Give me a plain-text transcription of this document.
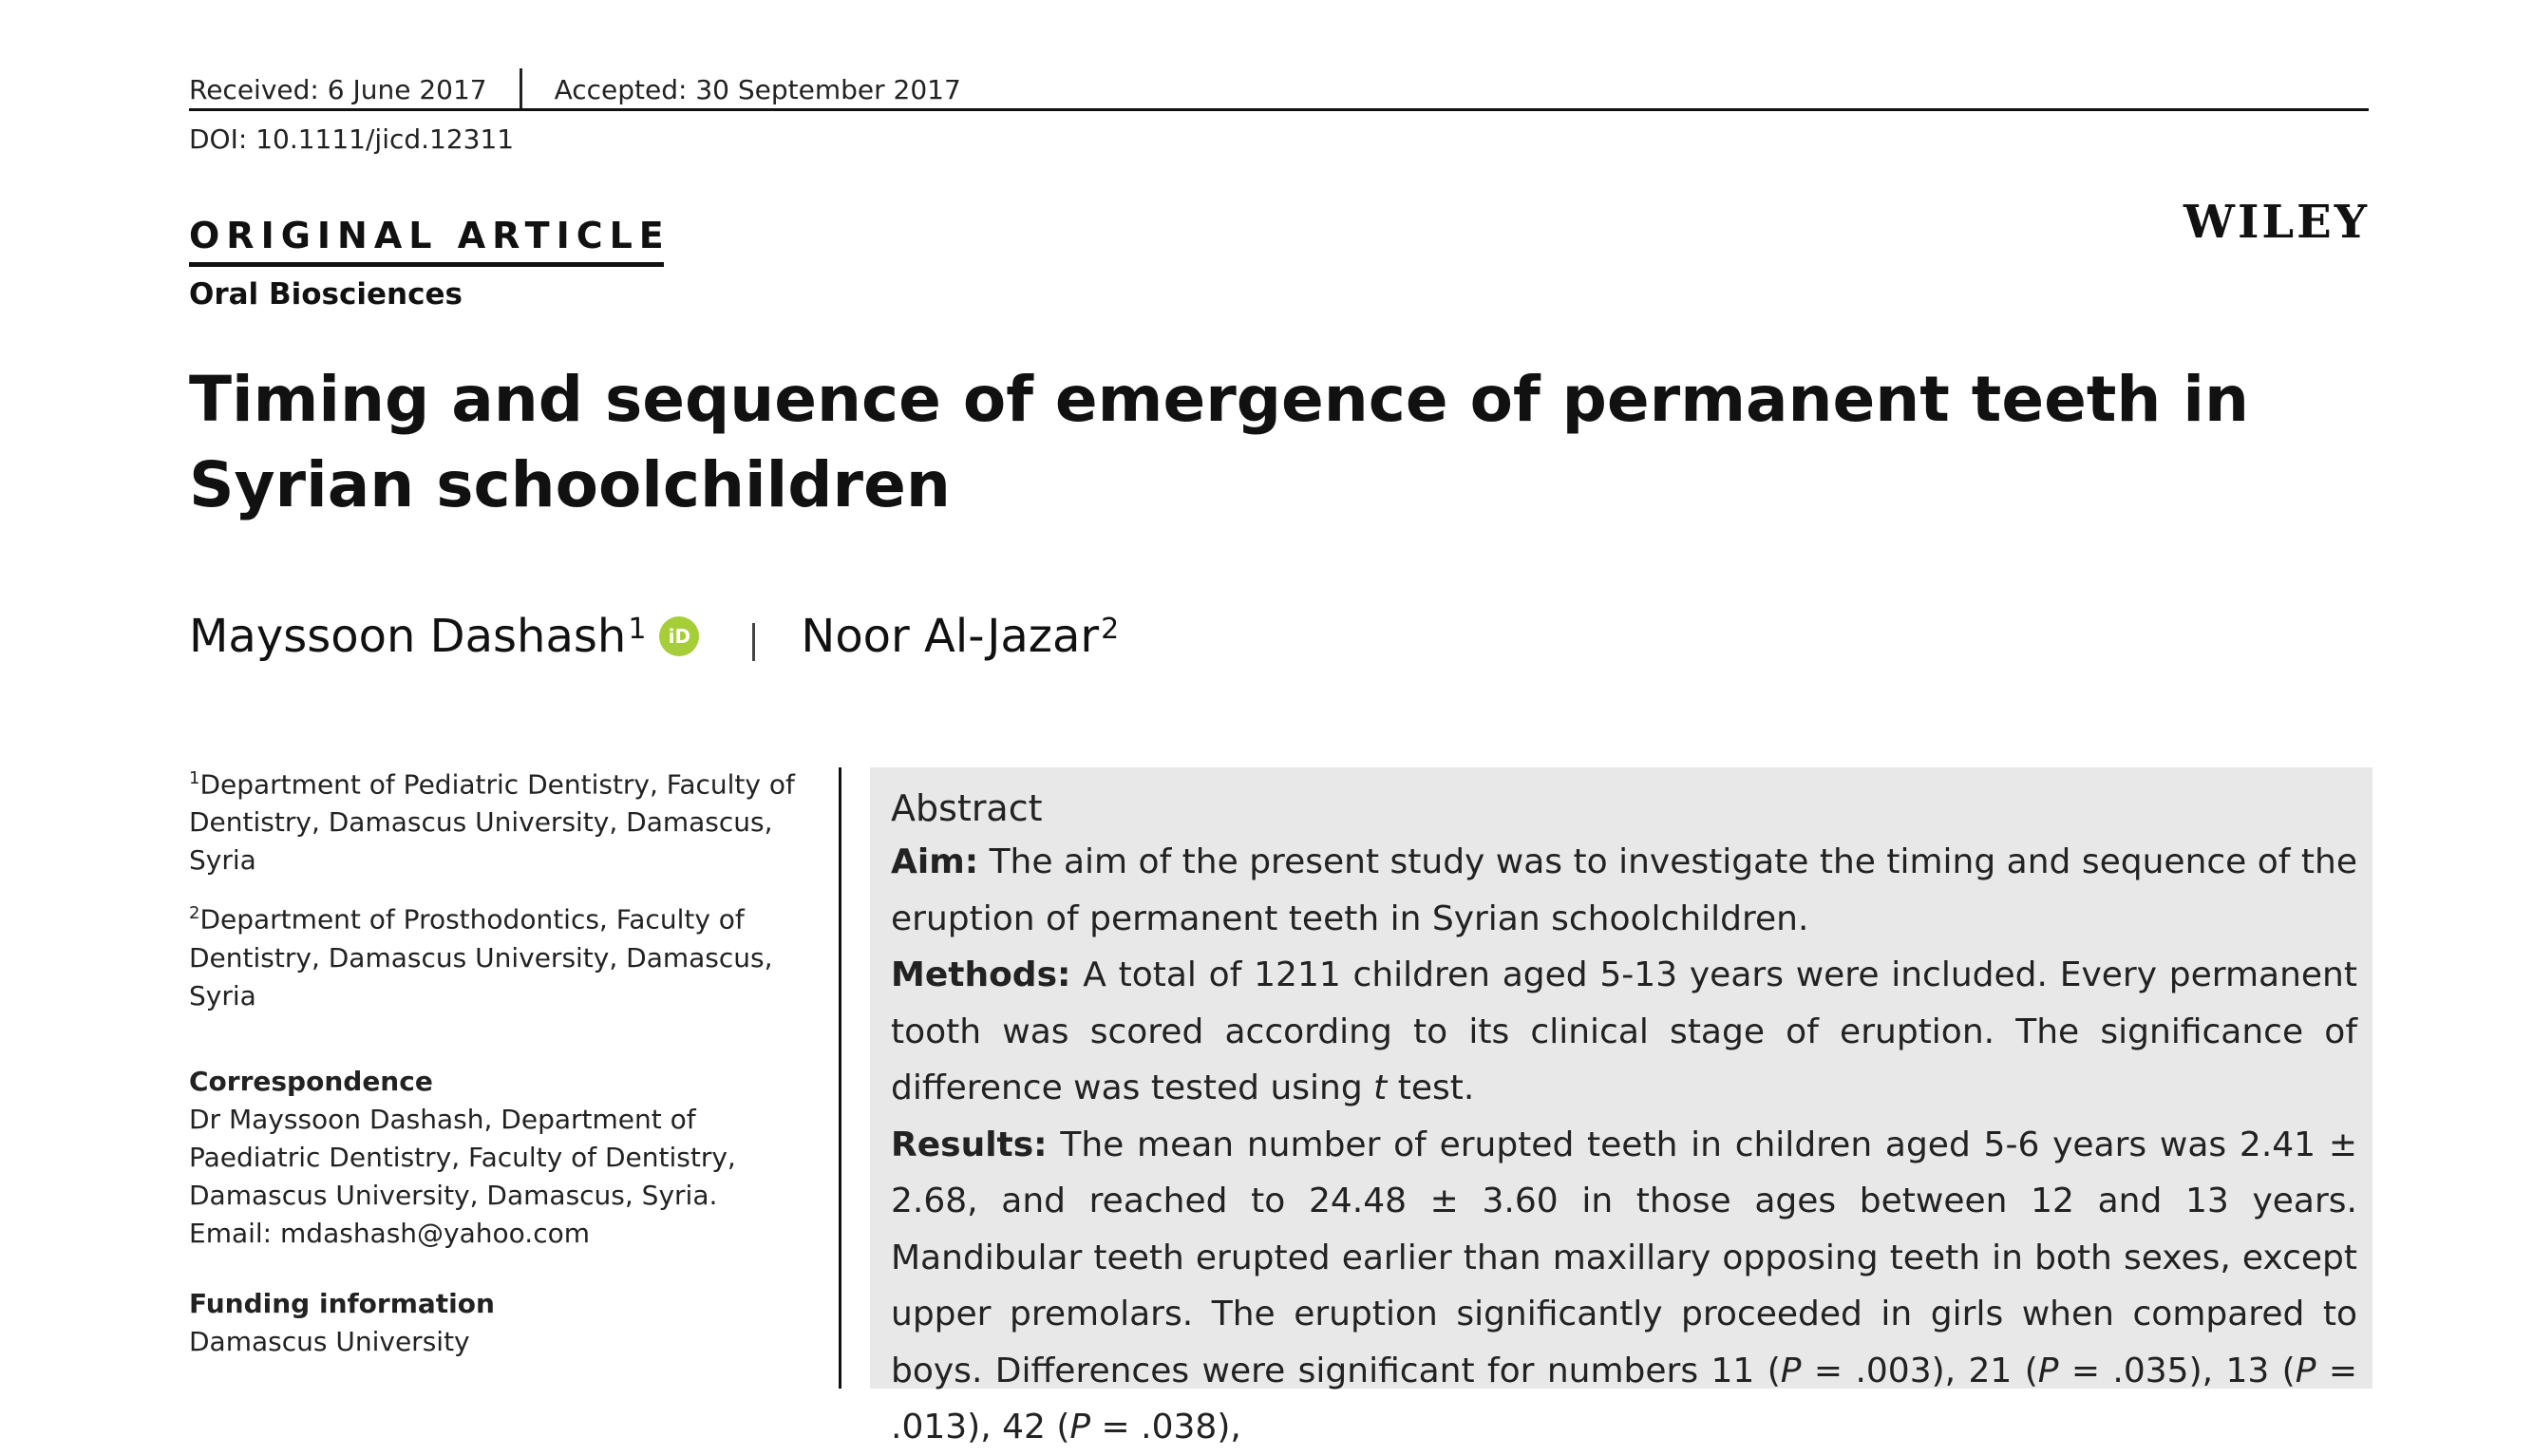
Received: 6 June 2017	Accepted: 30 September 2017
DOI: 10.1111/jicd.12311
ORIGINAL ARTICLE
Oral Biosciences
WILEY
Timing and sequence of emergence of permanent teeth in
Syrian schoolchildren
Mayssoon Dashash$^1$	iD Noor Al-Jazar$^2$
$^1$Department of Pediatric Dentistry, Faculty of Dentistry, Damascus University, Damascus, Syria
$^2$Department of Prosthodontics, Faculty of Dentistry, Damascus University, Damascus, Syria
Correspondence
Dr Mayssoon Dashash, Department of
Paediatric Dentistry, Faculty of Dentistry,
Damascus University, Damascus, Syria.
Email: mdashash@yahoo.com
Funding information
Damascus University
Abstract
Aim: The aim of the present study was to investigate the timing and sequence of the eruption of permanent teeth in Syrian schoolchildren.
Methods: A total of 1211 children aged 5-13 years were included. Every permanent tooth was scored according to its clinical stage of eruption. The significance of difference was tested using t test.
Results: The mean number of erupted teeth in children aged 5-6 years was 2.41 ± 2.68, and reached to 24.48 ± 3.60 in those ages between 12 and 13 years. Mandibular teeth erupted earlier than maxillary opposing teeth in both sexes, except upper premolars. The eruption significantly proceeded in girls when compared to boys. Differences were significant for numbers 11 (P = .003), 21 (P = .035), 13 (P = .013), 42 (P = .038),
